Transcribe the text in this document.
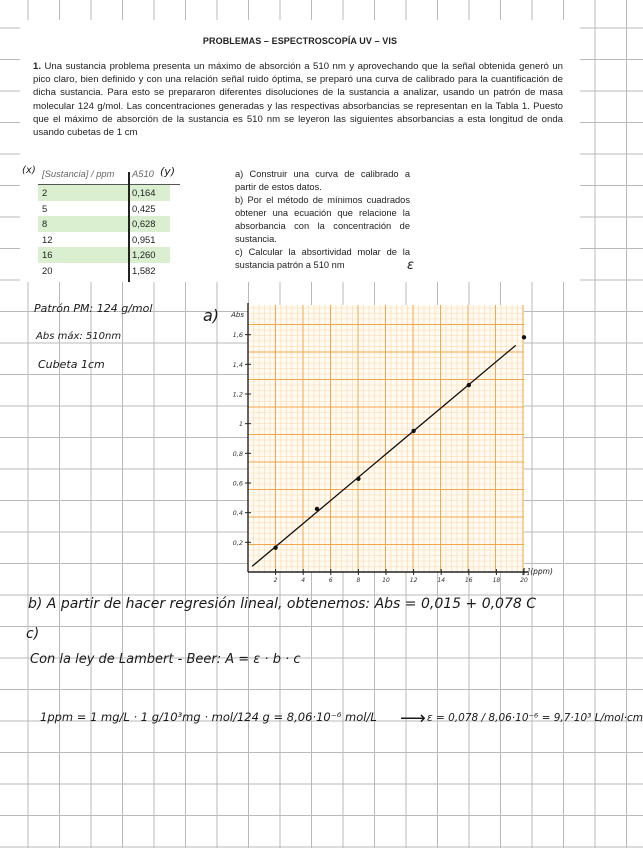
PROBLEMAS – ESPECTROSCOPÍA UV – VIS
1. Una sustancia problema presenta un máximo de absorción a 510 nm y aprovechando que la señal obtenida generó un pico claro, bien definido y con una relación señal ruido óptima, se preparó una curva de calibrado para la cuantificación de dicha sustancia. Para esto se prepararon diferentes disoluciones de la sustancia a analizar, usando un patrón de masa molecular 124 g/mol. Las concentraciones generadas y las respectivas absorbancias se representan en la Tabla 1. Puesto que el máximo de absorción de la sustancia es 510 nm se leyeron las siguientes absorbancias a esta longitud de onda usando cubetas de 1 cm
[Sustancia] / ppm	A510
2	0,164
5	0,425
8	0,628
12	0,951
16	1,260
20	1,582

a) Construir una curva de calibrado a partir de estos datos.

b) Por el método de mínimos cuadrados obtener una ecuación que relacione la absorbancia con la concentración de sustancia.

c) Calcular la absortividad molar de la sustancia patrón a 510 nm

(x)	(y)
ε
Patrón PM: 124 g/mol
Abs máx: 510nm
Cubeta 1cm
a)
0,2
0,4
0,6
0,8
1
1,2
1,4
1,6
2	4	6	8	10	12	14	16	18	20
Abs
[ ](ppm)
b) A partir de hacer regresión lineal, obtenemos: Abs = 0,015 + 0,078 C
c)
Con la ley de Lambert - Beer: A = ε · b · c
1ppm = 1 mg/L · 1 g/10³mg · mol/124 g = 8,06·10⁻⁶ mol/L ⟶ ε = 0,078 / 8,06·10⁻⁶ = 9,7·10³ L/mol·cm
